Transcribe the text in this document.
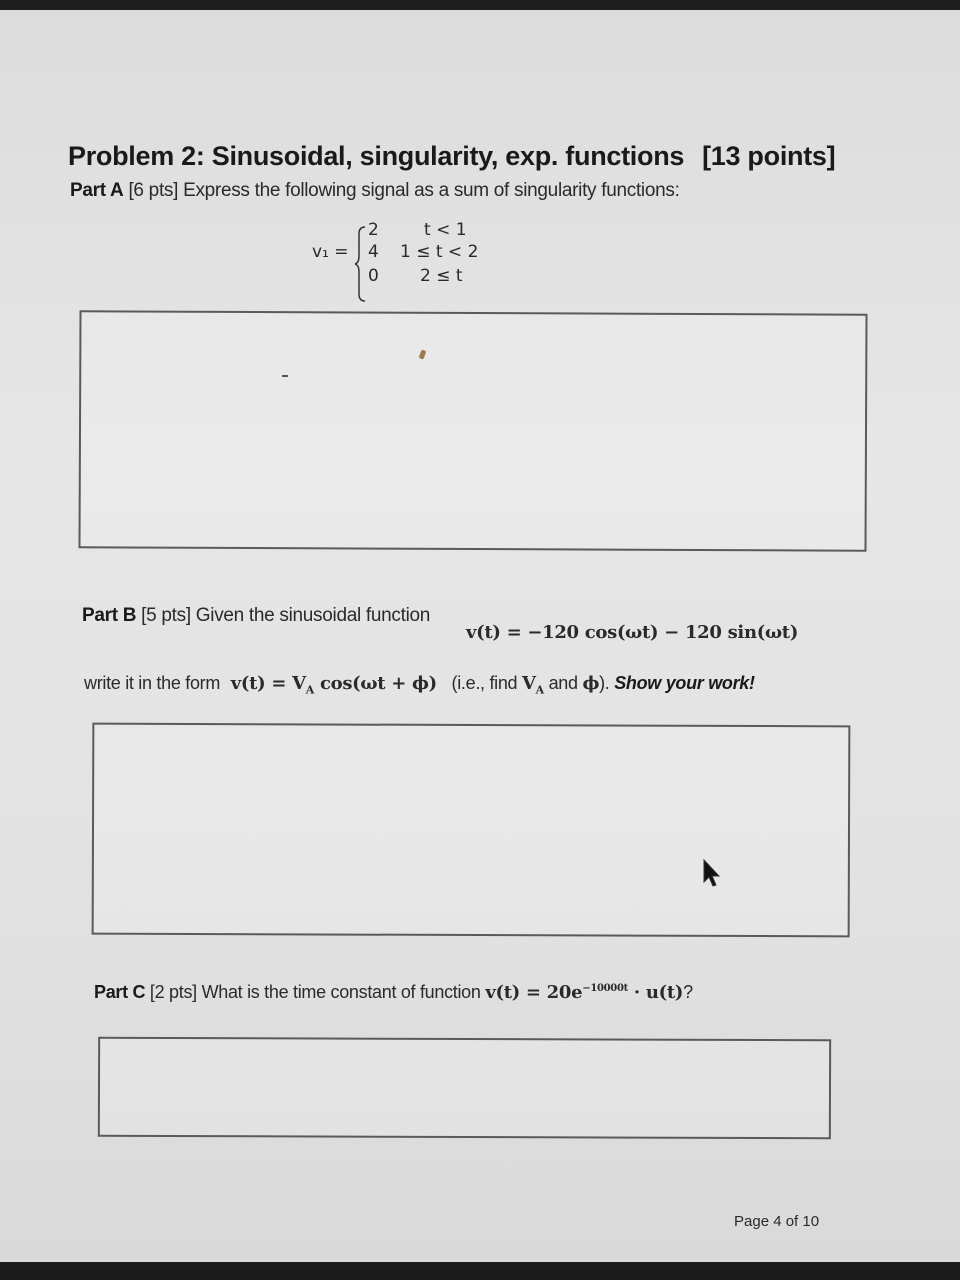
Problem 2: Sinusoidal, singularity, exp. functions [13 points]
Part A [6 pts] Express the following signal as a sum of singularity functions:
v₁ =
2	t < 1
4 1 ≤ t < 2
0 2 ≤ t
Part B [5 pts] Given the sinusoidal function
v(t) = −120 cos(ωt) − 120 sin(ωt)
write it in the form $v(t) = V_A$ cos(ωt + ϕ) (i.e., find $V_A$ and ϕ). Show your work!
Part C [2 pts] What is the time constant of function $v(t) = 20e^{-10000t} \cdot u(t)$?
Page 4 of 10
